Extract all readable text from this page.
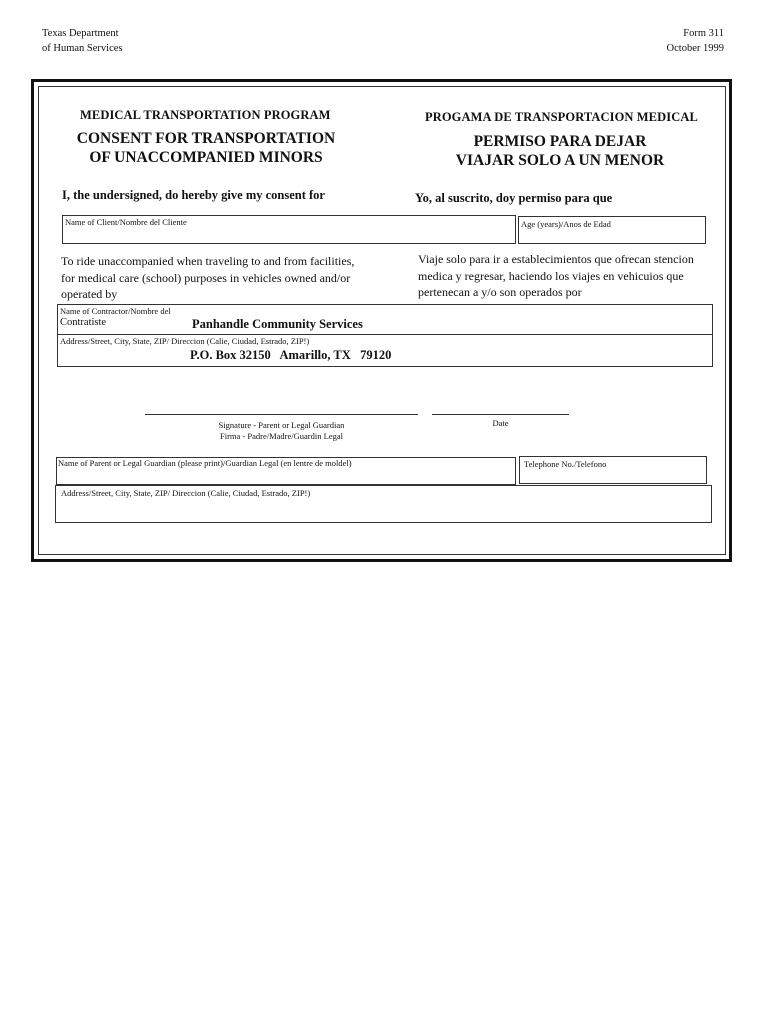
Texas Department
of Human Services
Form 311
October 1999
MEDICAL TRANSPORTATION PROGRAM
CONSENT FOR TRANSPORTATION
OF UNACCOMPANIED MINORS
PROGAMA DE TRANSPORTACION MEDICAL
PERMISO PARA DEJAR
VIAJAR SOLO A UN MENOR
I, the undersigned, do hereby give my consent for	Yo, al suscrito, doy permiso para que
Name of Client/Nombre del Cliente	Age (years)/Anos de Edad
To ride unaccompanied when traveling to and from facilities, for medical care (school) purposes in vehicles owned and/or operated by
Viaje solo para ir a establecimientos que ofrecan stencion medica y regresar, haciendo los viajes en vehicuios que pertenecan a y/o son operados por
Name of Contractor/Nombre del
Contratiste	Panhandle Community Services
Address/Street, City, State, ZIP/ Direccion (Calie, Ciudad, Estrado, ZIP!)
P.O. Box 32150   Amarillo, TX   79120
Signature - Parent or Legal Guardian
Firma - Padre/Madre/Guardin Legal
Date
Name of Parent or Legal Guardian (please print)/Guardian Legal (en lentre de moldel)	Telephone No./Telefono
Address/Street, City, State, ZIP/ Direccion (Calie, Ciudad, Estrado, ZIP!)
